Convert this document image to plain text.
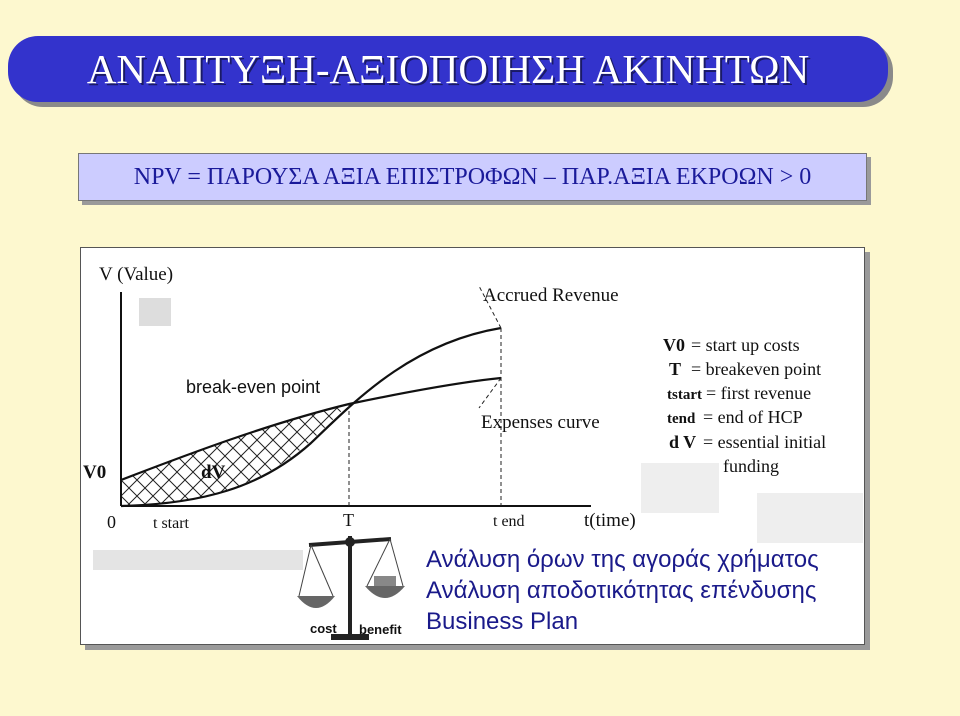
ΑΝΑΠΤΥΞΗ-ΑΞΙΟΠΟΙΗΣΗ ΑΚΙΝΗΤΩΝ
NPV = ΠΑΡΟΥΣΑ ΑΞΙΑ ΕΠΙΣΤΡΟΦΩΝ – ΠΑΡ.ΑΞΙΑ ΕΚΡΟΩΝ > 0
V (Value)
Accrued Revenue
Expenses curve
break-even point
V0	dV
0 t start	T	t end	t(time)
V0 = start up costs
T = breakeven point
tstart = first revenue
tend = end of HCP
d V = essential initial
funding
cost benefit
Ανάλυση όρων της αγοράς χρήματος
Ανάλυση αποδοτικότητας επένδυσης
Business Plan
